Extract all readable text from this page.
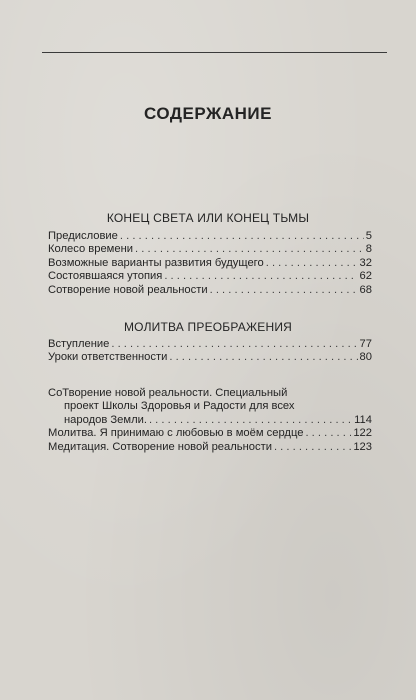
СОДЕРЖАНИЕ
КОНЕЦ СВЕТА ИЛИ КОНЕЦ ТЬМЫ
Предисловие . . .	5
Колесо времени . . .	8
Возможные варианты развития будущего . . .	32
Состоявшаяся утопия . . .	62
Сотворение новой реальности . . .	68
МОЛИТВА ПРЕОБРАЖЕНИЯ
Вступление . . .	77
Уроки ответственности . . .	80
СоТворение новой реальности. Специальный
проект Школы Здоровья и Радости для всех
народов Земли. . . .	114
Молитва. Я принимаю с любовью в моём сердце . . .	122
Медитация. Сотворение новой реальности . . .	123
